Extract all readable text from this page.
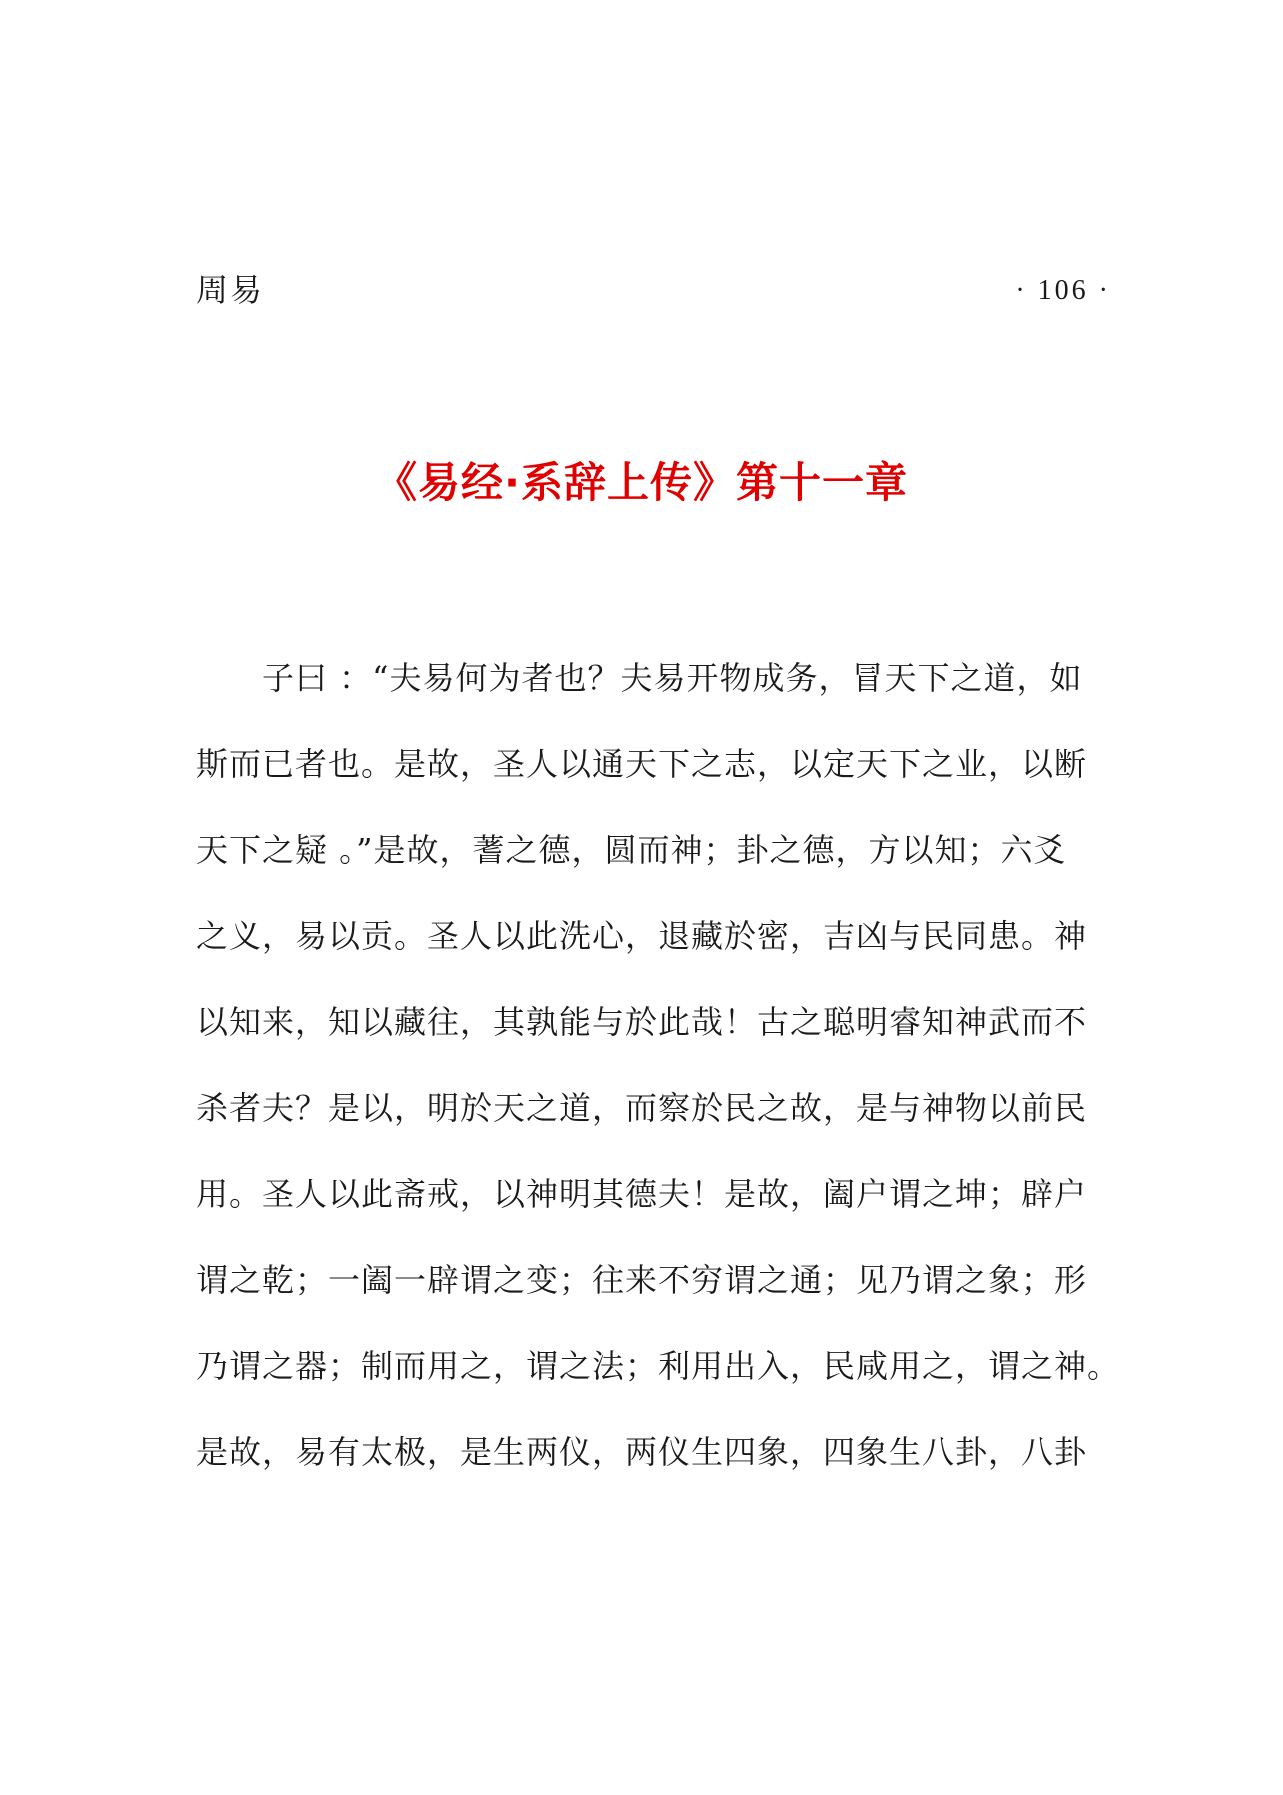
周易	· 106 ·
《易经·系辞上传》第十一章
子曰 ：“夫易何为者也？夫易开物成务，冒天下之道，如
斯而已者也。是故，圣人以通天下之志，以定天下之业，以断
天下之疑 。”是故，蓍之德，圆而神；卦之德，方以知；六爻
之义，易以贡。圣人以此洗心，退藏於密，吉凶与民同患。神
以知来，知以藏往，其孰能与於此哉！古之聪明睿知神武而不
杀者夫？是以，明於天之道，而察於民之故，是与神物以前民
用。圣人以此斋戒，以神明其德夫！是故，阖户谓之坤；辟户
谓之乾；一阖一辟谓之变；往来不穷谓之通；见乃谓之象；形
乃谓之器；制而用之，谓之法；利用出入，民咸用之，谓之神。
是故，易有太极，是生两仪，两仪生四象，四象生八卦，八卦
